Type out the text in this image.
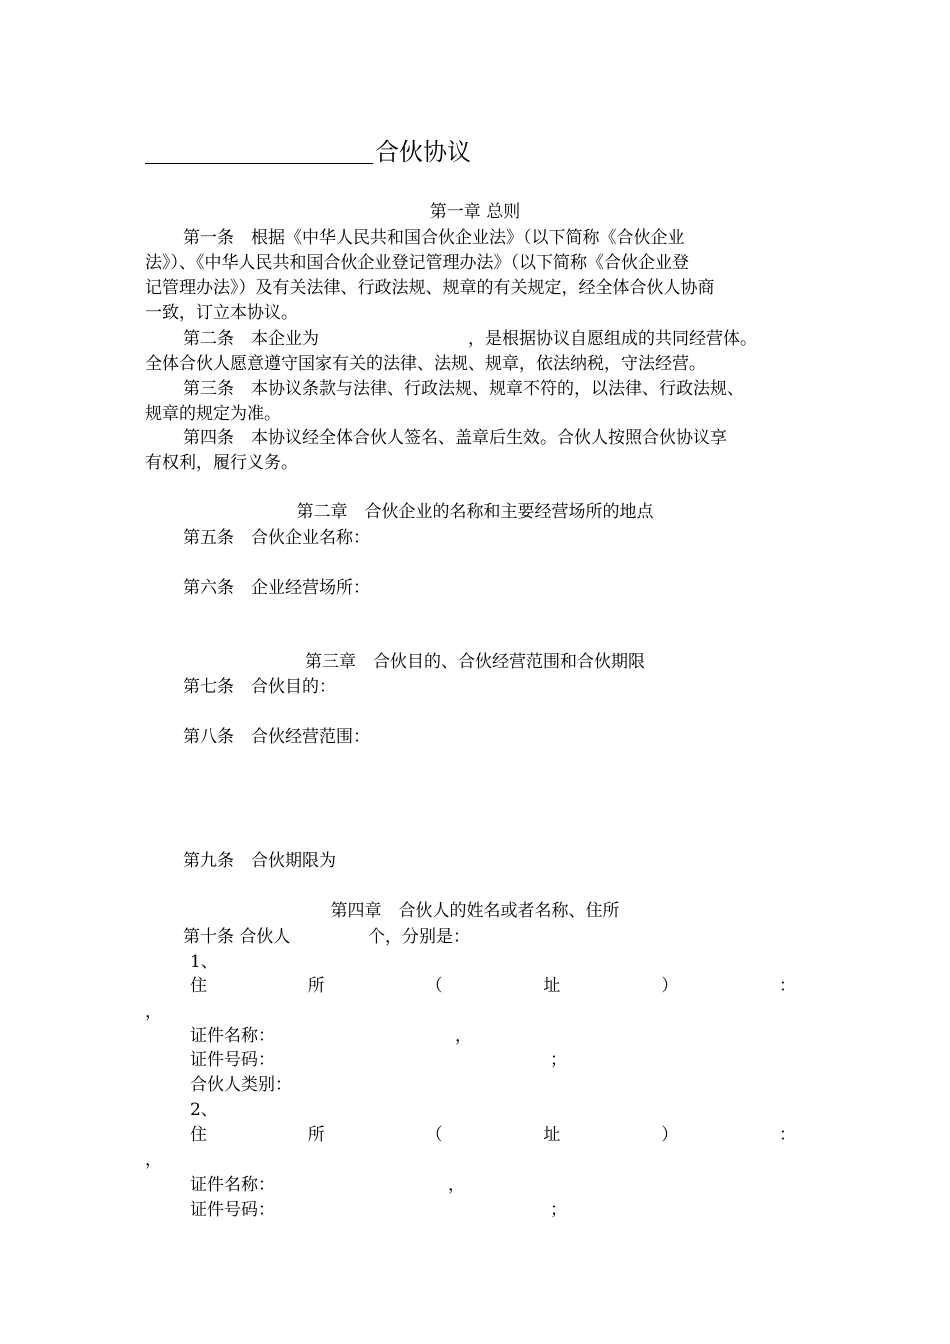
合伙协议
第一章 总则
第一条　根据《中华人民共和国合伙企业法》（以下简称《合伙企业
法》）、《中华人民共和国合伙企业登记管理办法》（以下简称《合伙企业登
记管理办法》）及有关法律、行政法规、规章的有关规定，经全体合伙人协商
一致，订立本协议。
第二条　本企业为	，是根据协议自愿组成的共同经营体。
全体合伙人愿意遵守国家有关的法律、法规、规章，依法纳税，守法经营。
第三条　本协议条款与法律、行政法规、规章不符的，以法律、行政法规、
规章的规定为准。
第四条　本协议经全体合伙人签名、盖章后生效。合伙人按照合伙协议享
有权利，履行义务。
第二章　合伙企业的名称和主要经营场所的地点
第五条　合伙企业名称：
第六条　企业经营场所：
第三章　合伙目的、合伙经营范围和合伙期限
第七条　合伙目的：
第八条　合伙经营范围：
第九条　合伙期限为
第四章　合伙人的姓名或者名称、住所
第十条 合伙人	个，分别是：
1、
住	所	（	址	）	：
，
证件名称：	，
证件号码：	；
合伙人类别：
2、
住	所	（	址	）	：
，
证件名称：	，
证件号码：	；
